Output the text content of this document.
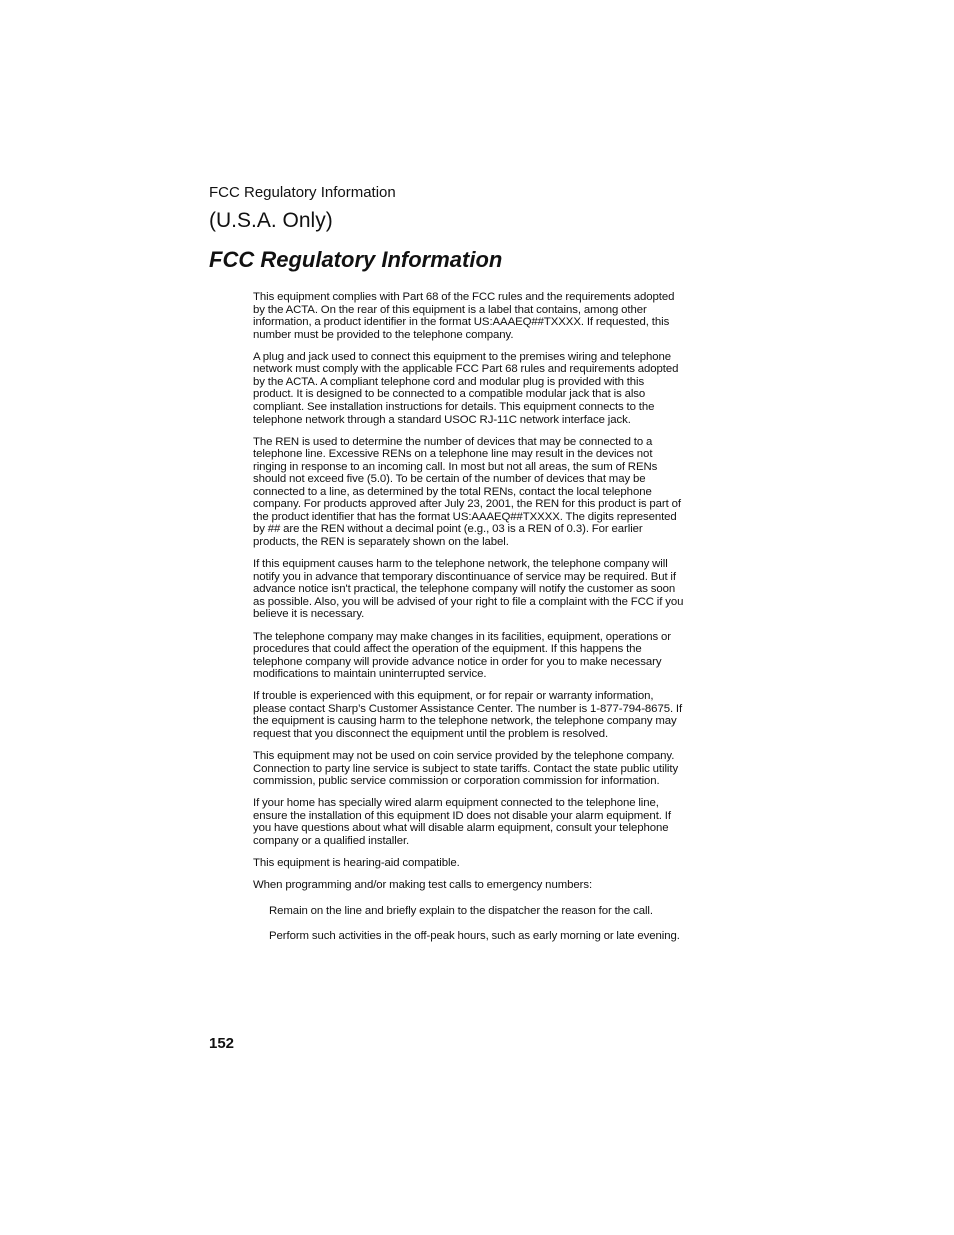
FCC Regulatory Information
(U.S.A. Only)
FCC Regulatory Information

This equipment complies with Part 68 of the FCC rules and the requirements adopted
by the ACTA. On the rear of this equipment is a label that contains, among other
information, a product identifier in the format US:AAAEQ##TXXXX. If requested, this
number must be provided to the telephone company.

A plug and jack used to connect this equipment to the premises wiring and telephone
network must comply with the applicable FCC Part 68 rules and requirements adopted
by the ACTA. A compliant telephone cord and modular plug is provided with this
product. It is designed to be connected to a compatible modular jack that is also
compliant. See installation instructions for details. This equipment connects to the
telephone network through a standard USOC RJ-11C network interface jack.

The REN is used to determine the number of devices that may be connected to a
telephone line. Excessive RENs on a telephone line may result in the devices not
ringing in response to an incoming call. In most but not all areas, the sum of RENs
should not exceed five (5.0). To be certain of the number of devices that may be
connected to a line, as determined by the total RENs, contact the local telephone
company. For products approved after July 23, 2001, the REN for this product is part of
the product identifier that has the format US:AAAEQ##TXXXX. The digits represented
by ## are the REN without a decimal point (e.g., 03 is a REN of 0.3). For earlier
products, the REN is separately shown on the label.

If this equipment causes harm to the telephone network, the telephone company will
notify you in advance that temporary discontinuance of service may be required. But if
advance notice isn't practical, the telephone company will notify the customer as soon
as possible. Also, you will be advised of your right to file a complaint with the FCC if you
believe it is necessary.

The telephone company may make changes in its facilities, equipment, operations or
procedures that could affect the operation of the equipment. If this happens the
telephone company will provide advance notice in order for you to make necessary
modifications to maintain uninterrupted service.

If trouble is experienced with this equipment, or for repair or warranty information,
please contact Sharp’s Customer Assistance Center. The number is 1-877-794-8675. If
the equipment is causing harm to the telephone network, the telephone company may
request that you disconnect the equipment until the problem is resolved.

This equipment may not be used on coin service provided by the telephone company.
Connection to party line service is subject to state tariffs. Contact the state public utility
commission, public service commission or corporation commission for information.

If your home has specially wired alarm equipment connected to the telephone line,
ensure the installation of this equipment ID does not disable your alarm equipment. If
you have questions about what will disable alarm equipment, consult your telephone
company or a qualified installer.

This equipment is hearing-aid compatible.

When programming and/or making test calls to emergency numbers:

Remain on the line and briefly explain to the dispatcher the reason for the call.
Perform such activities in the off-peak hours, such as early morning or late evening.
152
